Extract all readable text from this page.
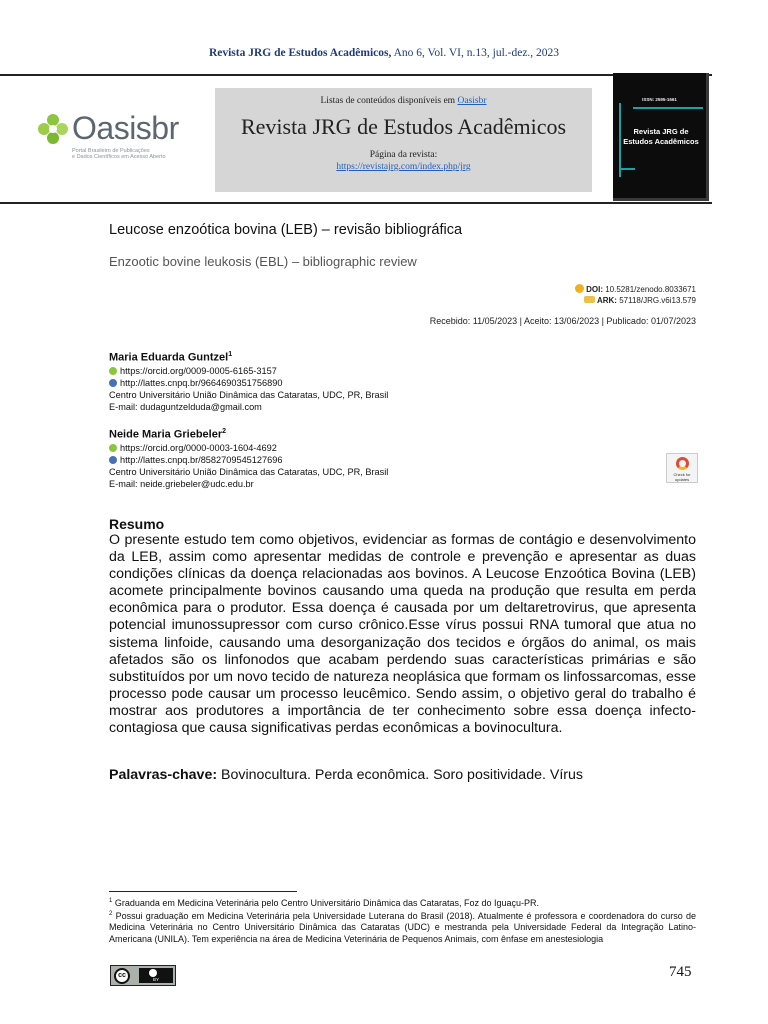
Revista JRG de Estudos Acadêmicos, Ano 6, Vol. VI, n.13, jul.-dez., 2023
Oasisbr
Portal Brasileiro de Publicações
e Dados Científicos em Acesso Aberto
Listas de conteúdos disponíveis em Oasisbr
Revista JRG de Estudos Acadêmicos
Página da revista:
https://revistajrg.com/index.php/jrg
ISSN: 2595-1661
Revista JRG de
Estudos Acadêmicos
Leucose enzoótica bovina (LEB) – revisão bibliográfica
Enzootic bovine leukosis (EBL) – bibliographic review
DOI: 10.5281/zenodo.8033671
ARK: 57118/JRG.v6i13.579
Recebido: 11/05/2023 | Aceito: 13/06/2023 | Publicado: 01/07/2023
Maria Eduarda Guntzel$^1$
https://orcid.org/0009-0005-6165-3157
http://lattes.cnpq.br/9664690351756890
Centro Universitário União Dinâmica das Cataratas, UDC, PR, Brasil
E-mail: dudaguntzelduda@gmail.com
Neide Maria Griebeler$^2$
https://orcid.org/0000-0003-1604-4692
http://lattes.cnpq.br/8582709545127696
Centro Universitário União Dinâmica das Cataratas, UDC, PR, Brasil
E-mail: neide.griebeler@udc.edu.br
Check for
updates
Resumo
O presente estudo tem como objetivos, evidenciar as formas de contágio e desenvolvimento da LEB, assim como apresentar medidas de controle e prevenção e apresentar as duas condições clínicas da doença relacionadas aos bovinos. A Leucose Enzoótica Bovina (LEB) acomete principalmente bovinos causando uma queda na produção que resulta em perda econômica para o produtor. Essa doença é causada por um deltaretrovirus, que apresenta potencial imunossupressor com curso crônico.Esse vírus possui RNA tumoral que atua no sistema linfoide, causando uma desorganização dos tecidos e órgãos do animal, os mais afetados são os linfonodos que acabam perdendo suas características primárias e são substituídos por um novo tecido de natureza neoplásica que formam os linfossarcomas, esse processo pode causar um processo leucêmico. Sendo assim, o objetivo geral do trabalho é mostrar aos produtores a importância de ter conhecimento sobre essa doença infecto-contagiosa que causa significativas perdas econômicas a bovinocultura.
Palavras-chave: Bovinocultura. Perda econômica. Soro positividade. Vírus

$^1$ Graduanda em Medicina Veterinária pelo Centro Universitário Dinâmica das Cataratas, Foz do Iguaçu-PR.

$^2$ Possui graduação em Medicina Veterinária pela Universidade Luterana do Brasil (2018). Atualmente é professora e coordenadora do curso de Medicina Veterinária no Centro Universitário Dinâmica das Cataratas (UDC) e mestranda pela Universidade Federal da Integração Latino-Americana (UNILA). Tem experiência na área de Medicina Veterinária de Pequenos Animais, com ênfase em anestesiologia

cc
BY	745
